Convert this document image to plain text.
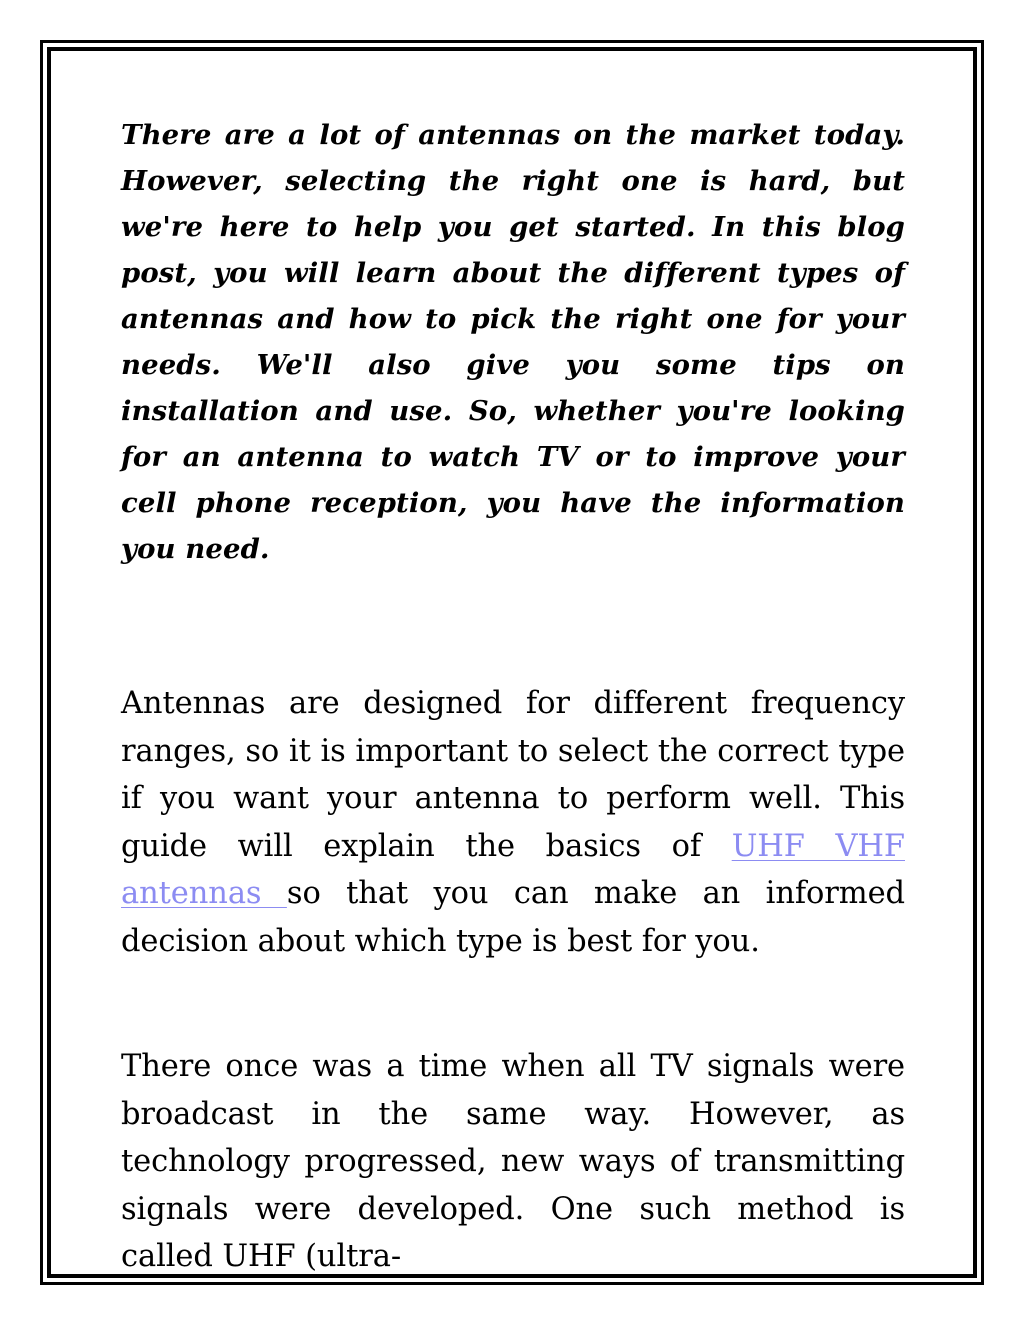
There are a lot of antennas on the market today. However, selecting the right one is hard, but we're here to help you get started. In this blog post, you will learn about the different types of antennas and how to pick the right one for your needs. We'll also give you some tips on installation and use. So, whether you're looking for an antenna to watch TV or to improve your cell phone reception, you have the information you need.

Antennas are designed for different frequency ranges, so it is important to select the correct type if you want your antenna to perform well. This guide will explain the basics of UHF VHF antennas so that you can make an informed decision about which type is best for you.

There once was a time when all TV signals were broadcast in the same way. However, as technology progressed, new ways of transmitting signals were developed. One such method is called UHF (ultra-
